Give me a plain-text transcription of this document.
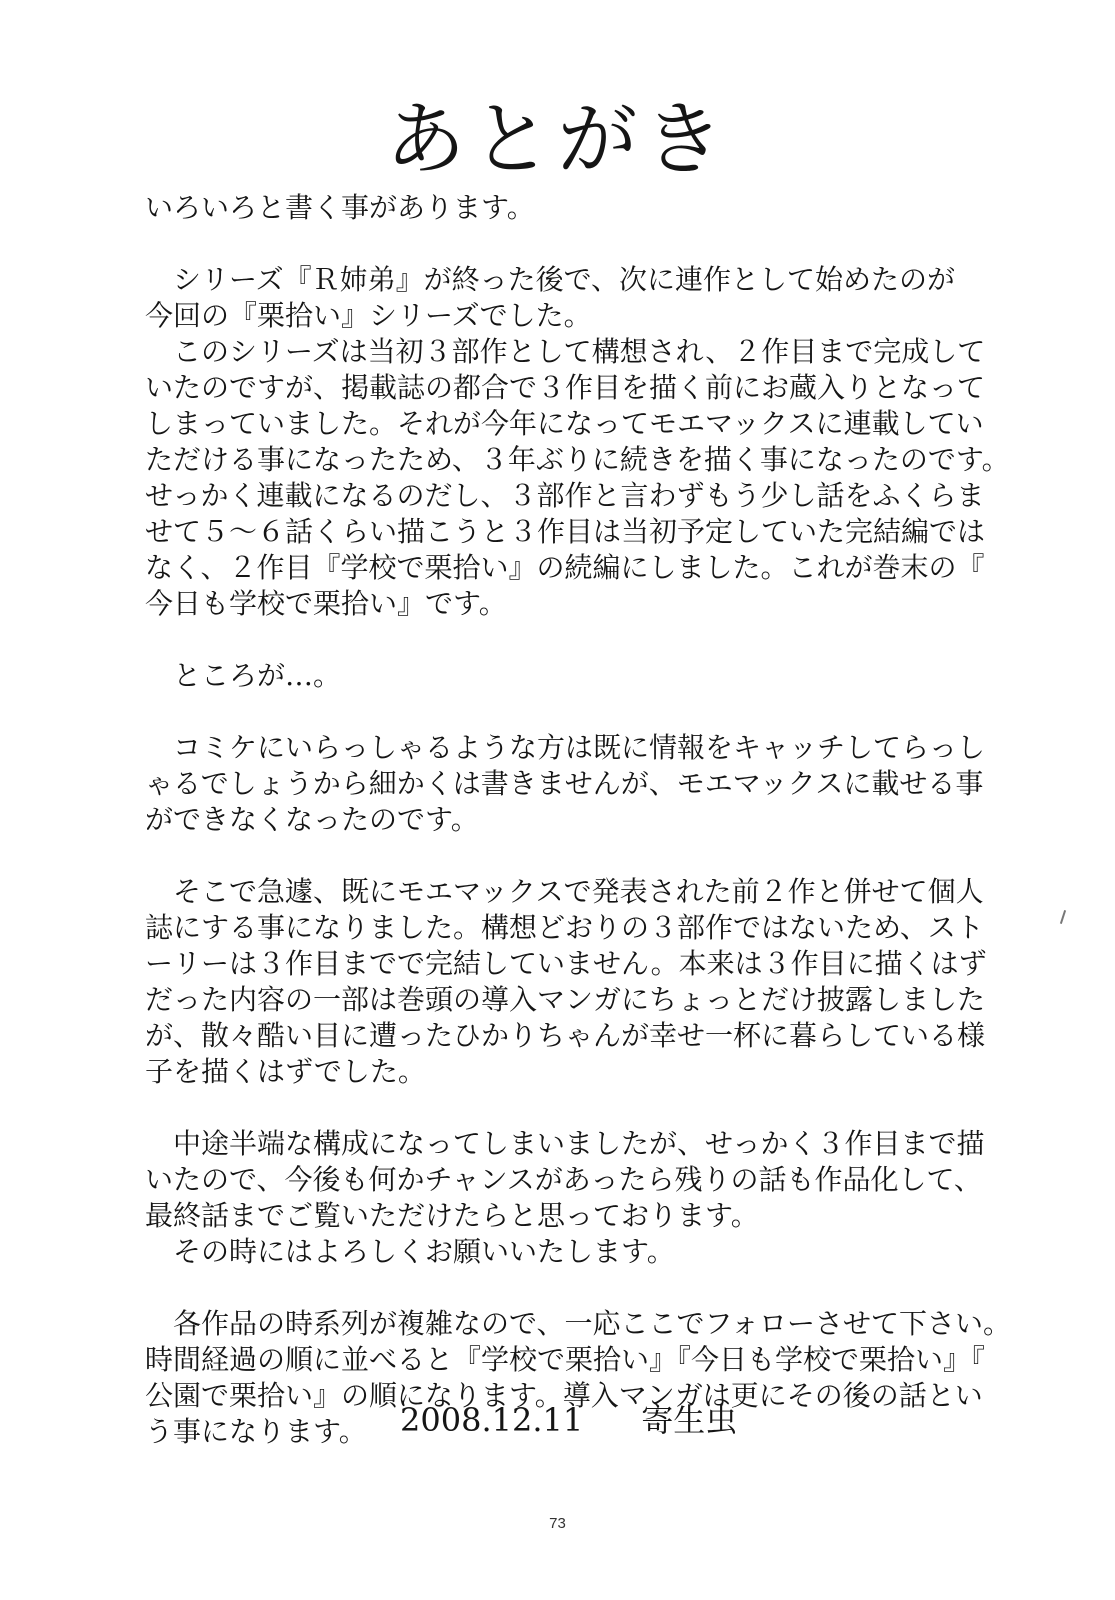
あとがき
いろいろと書く事があります。
　シリーズ『Ｒ姉弟』が終った後で、次に連作として始めたのが
今回の『栗拾い』シリーズでした。
　このシリーズは当初３部作として構想され、２作目まで完成して
いたのですが、掲載誌の都合で３作目を描く前にお蔵入りとなって
しまっていました。それが今年になってモエマックスに連載してい
ただける事になったため、３年ぶりに続きを描く事になったのです。
せっかく連載になるのだし、３部作と言わずもう少し話をふくらま
せて５～６話くらい描こうと３作目は当初予定していた完結編では
なく、２作目『学校で栗拾い』の続編にしました。これが巻末の『
今日も学校で栗拾い』です。
　ところが…。
　コミケにいらっしゃるような方は既に情報をキャッチしてらっし
ゃるでしょうから細かくは書きませんが、モエマックスに載せる事
ができなくなったのです。
　そこで急遽、既にモエマックスで発表された前２作と併せて個人
誌にする事になりました。構想どおりの３部作ではないため、スト
ーリーは３作目までで完結していません。本来は３作目に描くはず
だった内容の一部は巻頭の導入マンガにちょっとだけ披露しました
が、散々酷い目に遭ったひかりちゃんが幸せ一杯に暮らしている様
子を描くはずでした。
　中途半端な構成になってしまいましたが、せっかく３作目まで描
いたので、今後も何かチャンスがあったら残りの話も作品化して、
最終話までご覧いただけたらと思っております。
　その時にはよろしくお願いいたします。
　各作品の時系列が複雑なので、一応ここでフォローさせて下さい。
時間経過の順に並べると『学校で栗拾い』『今日も学校で栗拾い』『
公園で栗拾い』の順になります。導入マンガは更にその後の話とい
う事になります。	2008.12.11 寄生虫
73
